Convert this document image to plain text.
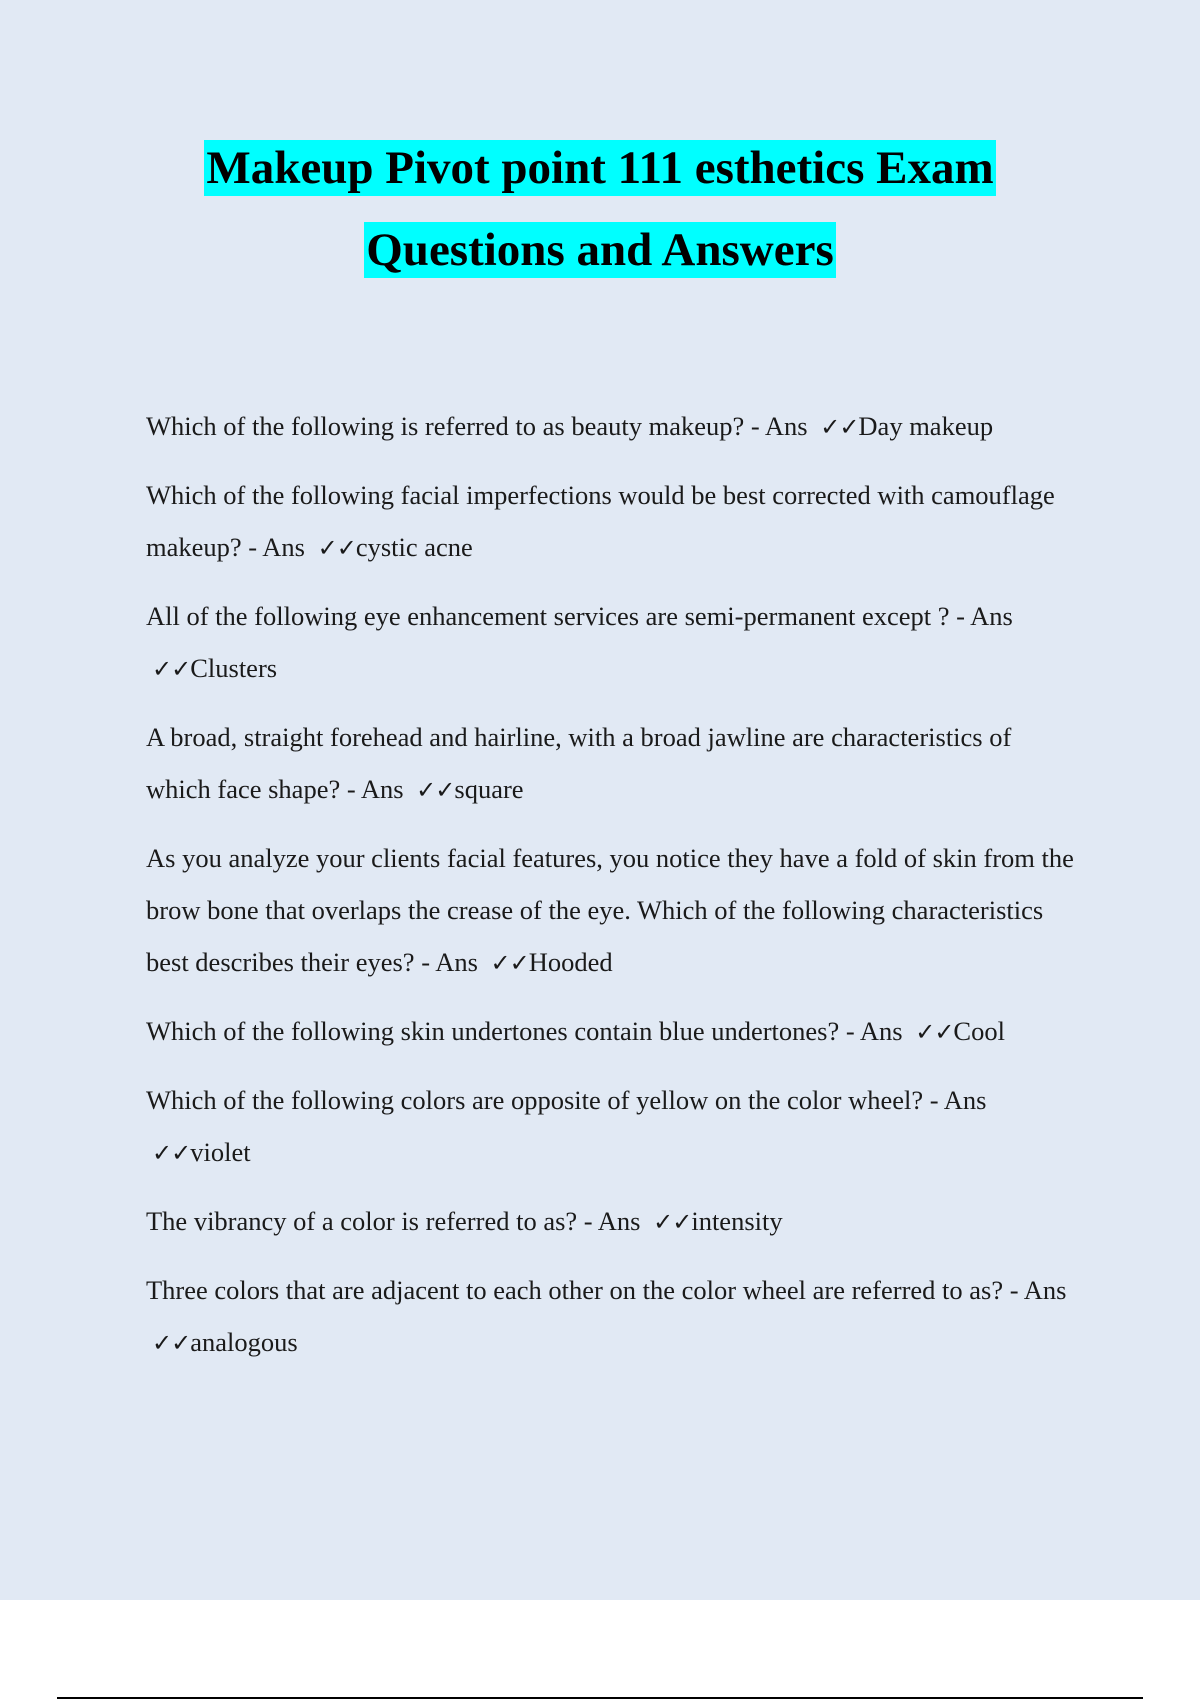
Makeup Pivot point 111 esthetics Exam
Questions and Answers

Which of the following is referred to as beauty makeup? - Ans ✓✓Day makeup

Which of the following facial imperfections would be best corrected with camouflage makeup? - Ans ✓✓cystic acne

All of the following eye enhancement services are semi-permanent except ? - Ans ✓✓Clusters

A broad, straight forehead and hairline, with a broad jawline are characteristics of which face shape? - Ans ✓✓square

As you analyze your clients facial features, you notice they have a fold of skin from the brow bone that overlaps the crease of the eye. Which of the following characteristics best describes their eyes? - Ans ✓✓Hooded

Which of the following skin undertones contain blue undertones? - Ans ✓✓Cool

Which of the following colors are opposite of yellow on the color wheel? - Ans ✓✓violet

The vibrancy of a color is referred to as? - Ans ✓✓intensity

Three colors that are adjacent to each other on the color wheel are referred to as? - Ans ✓✓analogous
